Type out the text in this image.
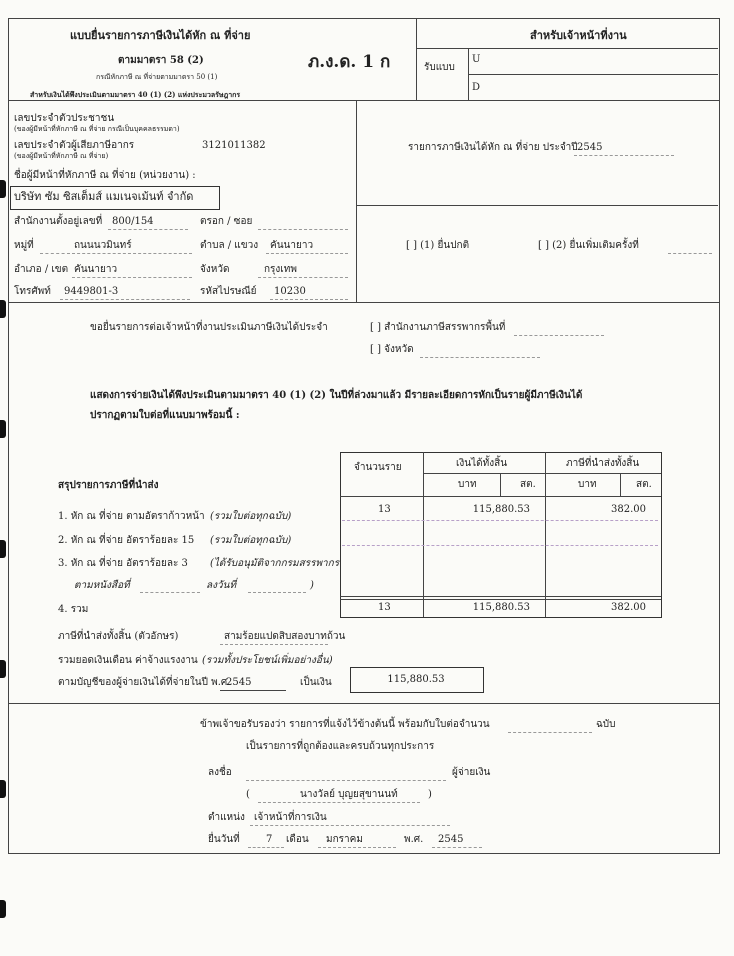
แบบยื่นรายการภาษีเงินได้หัก ณ ที่จ่าย
ตามมาตรา 58 (2)
กรณีหักภาษี ณ ที่จ่ายตามมาตรา 50 (1)
สำหรับเงินได้พึงประเมินตามมาตรา 40 (1) (2) แห่งประมวลรัษฎากร
ภ.ง.ด. 1 ก
สำหรับเจ้าหน้าที่งาน
รับแบบ
U
D
เลขประจำตัวประชาชน
(ของผู้มีหน้าที่หักภาษี ณ ที่จ่าย กรณีเป็นบุคคลธรรมดา)
เลขประจำตัวผู้เสียภาษีอากร	3121011382
(ของผู้มีหน้าที่หักภาษี ณ ที่จ่าย)
ชื่อผู้มีหน้าที่หักภาษี ณ ที่จ่าย (หน่วยงาน) :
บริษัท ซัม ซิสเต็มส์ แมเนจเม้นท์ จำกัด
สำนักงานตั้งอยู่เลขที่ 800/154	ตรอก / ซอย
หมู่ที่	ถนนนวมินทร์	ตำบล / แขวง คันนายาว
อำเภอ / เขต คันนายาว	จังหวัด	กรุงเทพ
โทรศัพท์ 9449801-3	รหัสไปรษณีย์ 10230
รายการภาษีเงินได้หัก ณ ที่จ่าย ประจำปี 2545
[ ] (1) ยื่นปกติ	[ ] (2) ยื่นเพิ่มเติมครั้งที่
ขอยื่นรายการต่อเจ้าหน้าที่งานประเมินภาษีเงินได้ประจำ	[ ] สำนักงานภาษีสรรพากรพื้นที่
[ ] จังหวัด
แสดงการจ่ายเงินได้พึงประเมินตามมาตรา 40 (1) (2) ในปีที่ล่วงมาแล้ว มีรายละเอียดการหักเป็นรายผู้มีภาษีเงินได้
ปรากฏตามใบต่อที่แนบมาพร้อมนี้ :
สรุปรายการภาษีที่นำส่ง
จำนวนราย	เงินได้ทั้งสิ้น	ภาษีที่นำส่งทั้งสิ้น
บาท	สต.	บาท	สต.
1. หัก ณ ที่จ่าย ตามอัตราก้าวหน้า (รวมใบต่อทุกฉบับ)
13	115,880.53	382.00
2. หัก ณ ที่จ่าย อัตราร้อยละ 15 (รวมใบต่อทุกฉบับ)
3. หัก ณ ที่จ่าย อัตราร้อยละ 3 (ได้รับอนุมัติจากกรมสรรพากร
ตามหนังสือที่	ลงวันที่	)
4. รวม	13	115,880.53	382.00
ภาษีที่นำส่งทั้งสิ้น (ตัวอักษร)	สามร้อยแปดสิบสองบาทถ้วน
รวมยอดเงินเดือน ค่าจ้างแรงงาน (รวมทั้งประโยชน์เพิ่มอย่างอื่น)
ตามบัญชีของผู้จ่ายเงินได้ที่จ่ายในปี พ.ศ.
2545	เป็นเงิน	115,880.53
ข้าพเจ้าขอรับรองว่า รายการที่แจ้งไว้ข้างต้นนี้ พร้อมกับใบต่อจำนวน	ฉบับ
เป็นรายการที่ถูกต้องและครบถ้วนทุกประการ
ลงชื่อ	ผู้จ่ายเงิน
(	นางวัลย์ บุญยสุขานนท์	)
ตำแหน่ง เจ้าหน้าที่การเงิน
ยื่นวันที่	7 เดือน มกราคม	พ.ศ. 2545
